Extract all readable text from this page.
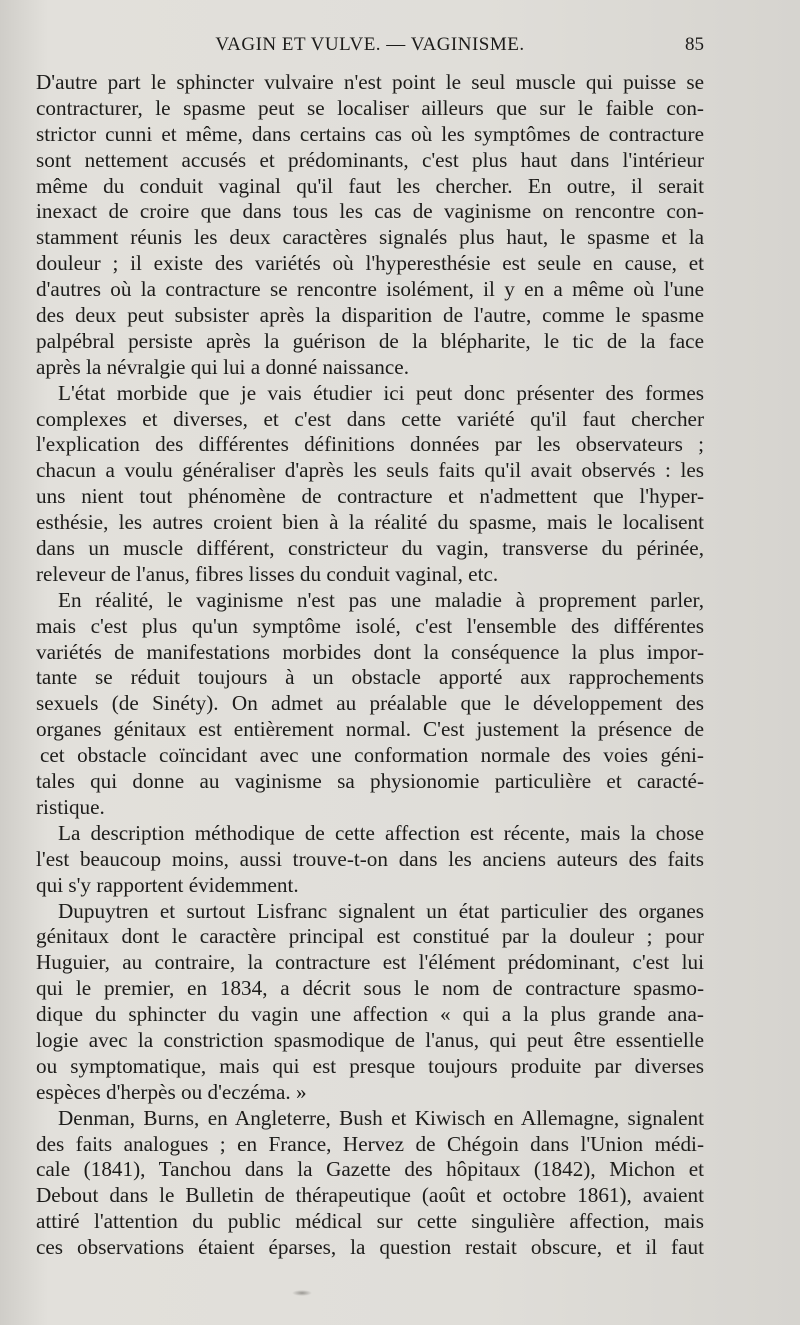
VAGIN ET VULVE. — VAGINISME.	85
D'autre part le sphincter vulvaire n'est point le seul muscle qui puisse se
contracturer, le spasme peut se localiser ailleurs que sur le faible con-
strictor cunni et même, dans certains cas où les symptômes de contracture
sont nettement accusés et prédominants, c'est plus haut dans l'intérieur
même du conduit vaginal qu'il faut les chercher. En outre, il serait
inexact de croire que dans tous les cas de vaginisme on rencontre con-
stamment réunis les deux caractères signalés plus haut, le spasme et la
douleur ; il existe des variétés où l'hyperesthésie est seule en cause, et
d'autres où la contracture se rencontre isolément, il y en a même où l'une
des deux peut subsister après la disparition de l'autre, comme le spasme
palpébral persiste après la guérison de la blépharite, le tic de la face
après la névralgie qui lui a donné naissance.
L'état morbide que je vais étudier ici peut donc présenter des formes
complexes et diverses, et c'est dans cette variété qu'il faut chercher
l'explication des différentes définitions données par les observateurs ;
chacun a voulu généraliser d'après les seuls faits qu'il avait observés : les
uns nient tout phénomène de contracture et n'admettent que l'hyper-
esthésie, les autres croient bien à la réalité du spasme, mais le localisent
dans un muscle différent, constricteur du vagin, transverse du périnée,
releveur de l'anus, fibres lisses du conduit vaginal, etc.
En réalité, le vaginisme n'est pas une maladie à proprement parler,
mais c'est plus qu'un symptôme isolé, c'est l'ensemble des différentes
variétés de manifestations morbides dont la conséquence la plus impor-
tante se réduit toujours à un obstacle apporté aux rapprochements
sexuels (de Sinéty). On admet au préalable que le développement des
organes génitaux est entièrement normal. C'est justement la présence de
cet obstacle coïncidant avec une conformation normale des voies géni-
tales qui donne au vaginisme sa physionomie particulière et caracté-
ristique.
La description méthodique de cette affection est récente, mais la chose
l'est beaucoup moins, aussi trouve-t-on dans les anciens auteurs des faits
qui s'y rapportent évidemment.
Dupuytren et surtout Lisfranc signalent un état particulier des organes
génitaux dont le caractère principal est constitué par la douleur ; pour
Huguier, au contraire, la contracture est l'élément prédominant, c'est lui
qui le premier, en 1834, a décrit sous le nom de contracture spasmo-
dique du sphincter du vagin une affection « qui a la plus grande ana-
logie avec la constriction spasmodique de l'anus, qui peut être essentielle
ou symptomatique, mais qui est presque toujours produite par diverses
espèces d'herpès ou d'eczéma. »
Denman, Burns, en Angleterre, Bush et Kiwisch en Allemagne, signalent
des faits analogues ; en France, Hervez de Chégoin dans l'Union médi-
cale (1841), Tanchou dans la Gazette des hôpitaux (1842), Michon et
Debout dans le Bulletin de thérapeutique (août et octobre 1861), avaient
attiré l'attention du public médical sur cette singulière affection, mais
ces observations étaient éparses, la question restait obscure, et il faut
